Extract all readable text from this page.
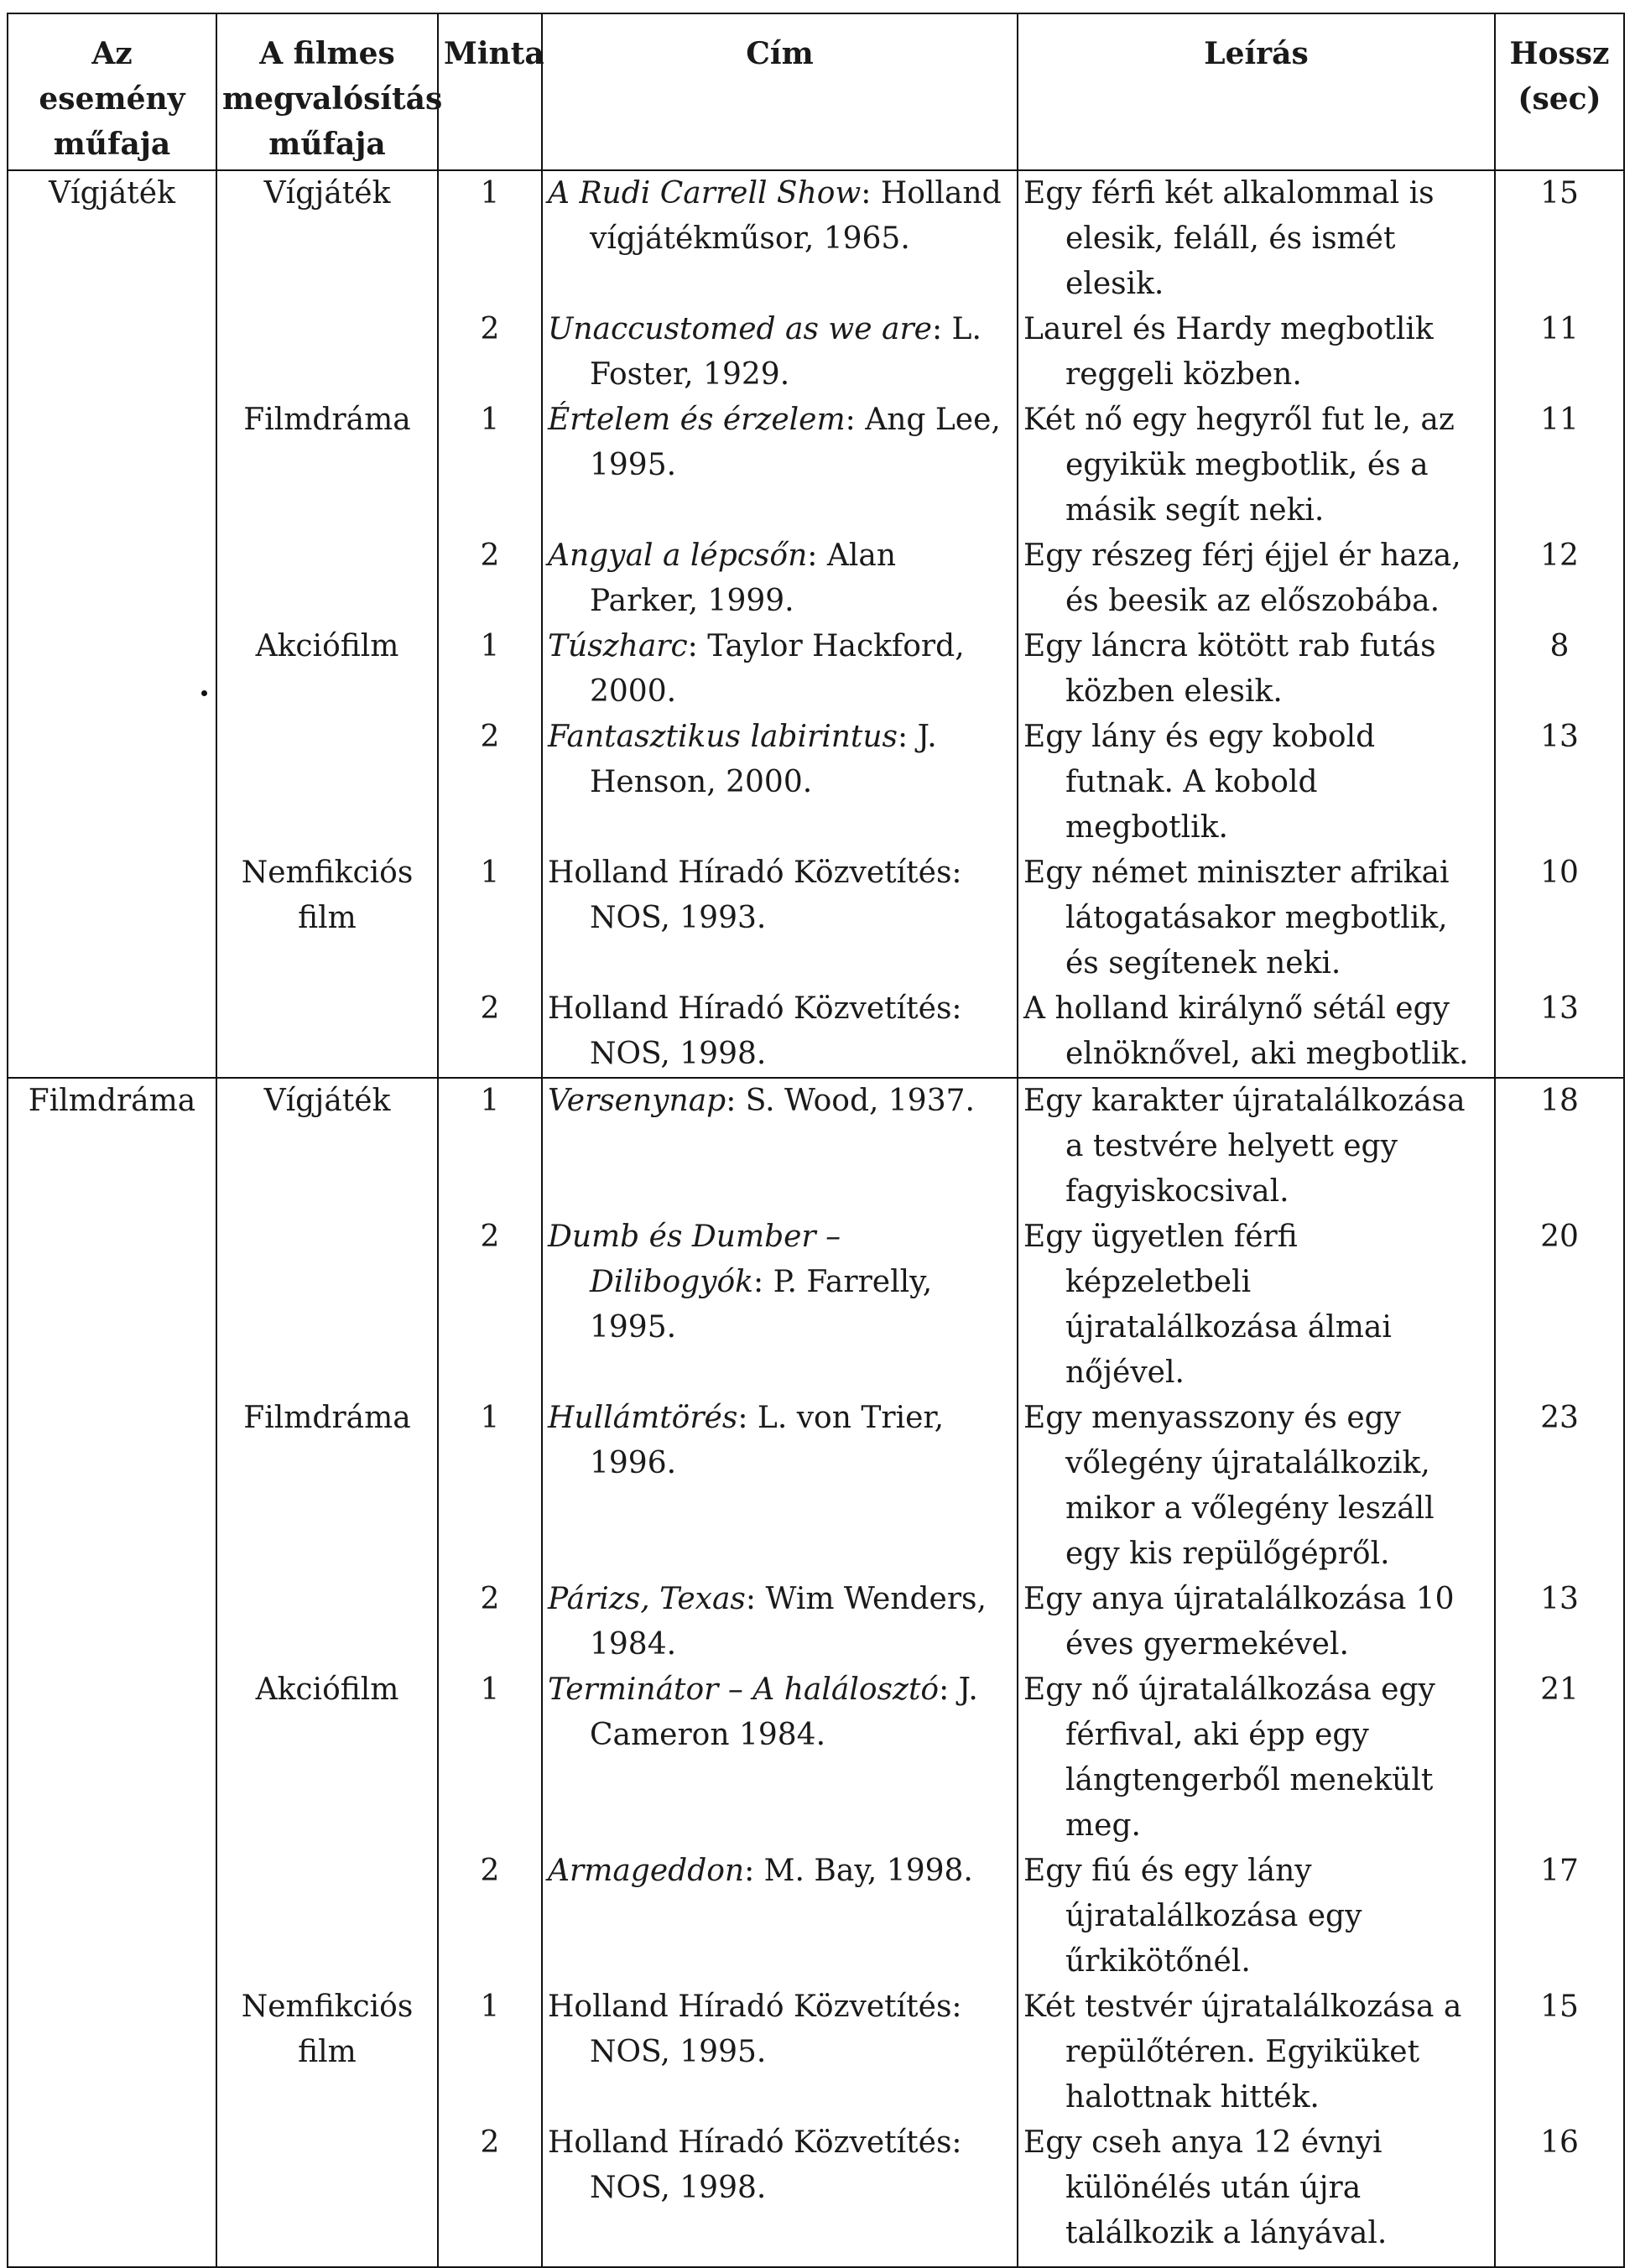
Az esemény műfaja	A filmes megvalósítás műfaja	Minta	Cím	Leírás	Hossz (sec)
Vígjáték	Vígjáték	1	A Rudi Carrell Show: Holland vígjátékműsor, 1965.	Egy férfi két alkalommal is elesik, feláll, és ismét elesik.	15
		2	Unaccustomed as we are: L. Foster, 1929.	Laurel és Hardy megbotlik reggeli közben.	11
	Filmdráma	1	Értelem és érzelem: Ang Lee, 1995.	Két nő egy hegyről fut le, az egyikük megbotlik, és a másik segít neki.	11
		2	Angyal a lépcsőn: Alan Parker, 1999.	Egy részeg férj éjjel ér haza, és beesik az előszobába.	12
	Akciófilm	1	Túszharc: Taylor Hackford, 2000.	Egy láncra kötött rab futás közben elesik.	8
		2	Fantasztikus labirintus: J. Henson, 2000.	Egy lány és egy kobold futnak. A kobold megbotlik.	13
	Nemfikciós film	1	Holland Híradó Közvetítés: NOS, 1993.	Egy német miniszter afrikai látogatásakor megbotlik, és segítenek neki.	10
		2	Holland Híradó Közvetítés: NOS, 1998.	A holland királynő sétál egy elnöknővel, aki megbotlik.	13
Filmdráma	Vígjáték	1	Versenynap: S. Wood, 1937.	Egy karakter újratalálkozása a testvére helyett egy fagyiskocsival.	18
		2	Dumb és Dumber – Dilibogyók: P. Farrelly, 1995.	Egy ügyetlen férfi képzeletbeli újratalálkozása álmai nőjével.	20
	Filmdráma	1	Hullámtörés: L. von Trier, 1996.	Egy menyasszony és egy vőlegény újratalálkozik, mikor a vőlegény leszáll egy kis repülőgépről.	23
		2	Párizs, Texas: Wim Wenders, 1984.	Egy anya újratalálkozása 10 éves gyermekével.	13
	Akciófilm	1	Terminátor – A halálosztó: J. Cameron 1984.	Egy nő újratalálkozása egy férfival, aki épp egy lángtengerből menekült meg.	21
		2	Armageddon: M. Bay, 1998.	Egy fiú és egy lány újratalálkozása egy űrkikötőnél.	17
	Nemfikciós film	1	Holland Híradó Közvetítés: NOS, 1995.	Két testvér újratalálkozása a repülőtéren. Egyiküket halottnak hitték.	15
		2	Holland Híradó Közvetítés: NOS, 1998.	Egy cseh anya 12 évnyi különélés után újra találkozik a lányával.	16
